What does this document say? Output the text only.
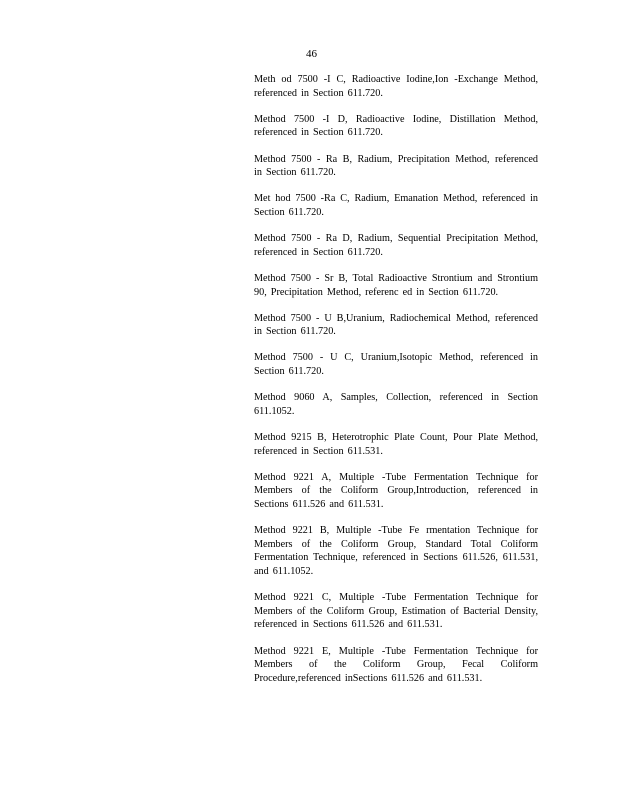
46
Meth od 7500 -I C, Radioactive Iodine,Ion -Exchange Method, referenced in Section 611.720.
Method 7500 -I D, Radioactive Iodine, Distillation Method, referenced in Section 611.720.
Method 7500 - Ra B, Radium, Precipitation Method, referenced in Section 611.720.
Met hod 7500 -Ra C, Radium, Emanation Method, referenced in Section 611.720.
Method 7500 - Ra D, Radium, Sequential Precipitation Method, referenced in Section 611.720.
Method 7500 - Sr B, Total Radioactive Strontium and Strontium 90, Precipitation Method, referenc ed in Section 611.720.
Method 7500 - U B,Uranium, Radiochemical Method, referenced in Section 611.720.
Method 7500 - U C, Uranium,Isotopic Method, referenced in Section 611.720.
Method 9060 A, Samples, Collection, referenced in Section 611.1052.
Method 9215 B, Heterotrophic Plate Count, Pour Plate Method, referenced in Section 611.531.
Method 9221 A, Multiple -Tube Fermentation Technique for Members of the Coliform Group,Introduction, referenced in Sections 611.526 and 611.531.
Method 9221 B, Multiple -Tube Fe rmentation Technique for Members of the Coliform Group, Standard Total Coliform Fermentation Technique, referenced in Sections 611.526, 611.531, and 611.1052.
Method 9221 C, Multiple -Tube Fermentation Technique for Members of the Coliform Group, Estimation of Bacterial Density, referenced in Sections 611.526 and 611.531.
Method 9221 E, Multiple -Tube Fermentation Technique for Members of the Coliform Group, Fecal Coliform Procedure,referenced inSections 611.526 and 611.531.
